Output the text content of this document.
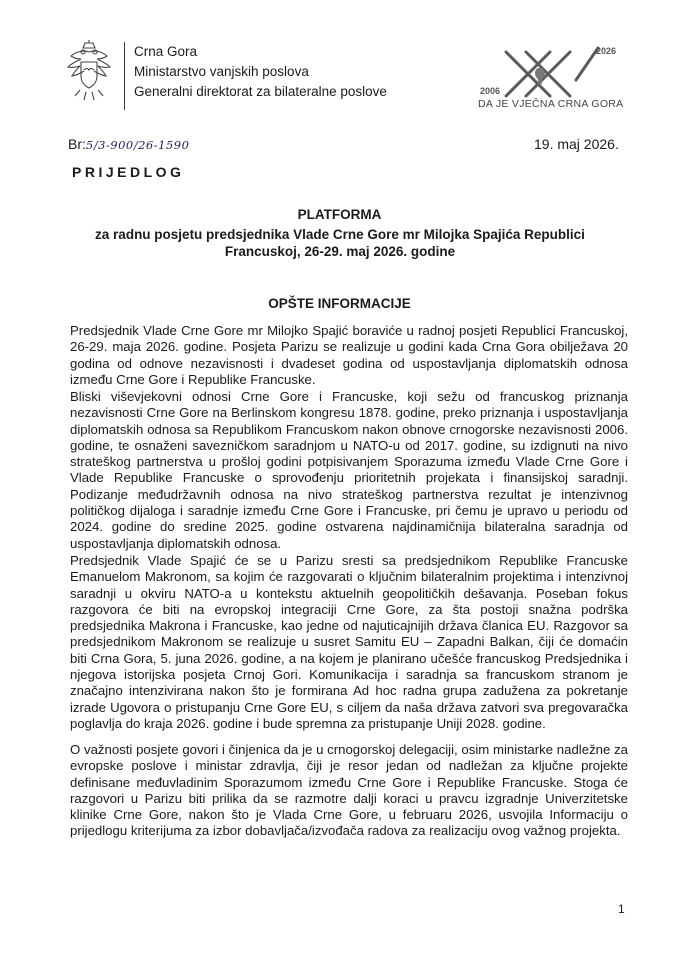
Crna Gora
Ministarstvo vanjskih poslova
Generalni direktorat za bilateralne poslove	2006
2026
DA JE VJEČNA CRNA GORA
Br:5/3-900/26-1590	19. maj 2026.
PRIJEDLOG
PLATFORMA
za radnu posjetu predsjednika Vlade Crne Gore mr Milojka Spajića Republici Francuskoj, 26-29. maj 2026. godine
OPŠTE INFORMACIJE

Predsjednik Vlade Crne Gore mr Milojko Spajić boraviće u radnoj posjeti Republici Francuskoj, 26-29. maja 2026. godine. Posjeta Parizu se realizuje u godini kada Crna Gora obilježava 20 godina od odnove nezavisnosti i dvadeset godina od uspostavljanja diplomatskih odnosa između Crne Gore i Republike Francuske.

Bliski viševjekovni odnosi Crne Gore i Francuske, koji sežu od francuskog priznanja nezavisnosti Crne Gore na Berlinskom kongresu 1878. godine, preko priznanja i uspostavljanja diplomatskih odnosa sa Republikom Francuskom nakon obnove crnogorske nezavisnosti 2006. godine, te osnaženi savezničkom saradnjom u NATO-u od 2017. godine, su izdignuti na nivo strateškog partnerstva u prošloj godini potpisivanjem Sporazuma između Vlade Crne Gore i Vlade Republike Francuske o sprovođenju prioritetnih projekata i finansijskoj saradnji. Podizanje međudržavnih odnosa na nivo strateškog partnerstva rezultat je intenzivnog političkog dijaloga i saradnje između Crne Gore i Francuske, pri čemu je upravo u periodu od 2024. godine do sredine 2025. godine ostvarena najdinamičnija bilateralna saradnja od uspostavljanja diplomatskih odnosa.

Predsjednik Vlade Spajić će se u Parizu sresti sa predsjednikom Republike Francuske Emanuelom Makronom, sa kojim će razgovarati o ključnim bilateralnim projektima i intenzivnoj saradnji u okviru NATO-a u kontekstu aktuelnih geopolitičkih dešavanja. Poseban fokus razgovora će biti na evropskoj integraciji Crne Gore, za šta postoji snažna podrška predsjednika Makrona i Francuske, kao jedne od najuticajnijih država članica EU. Razgovor sa predsjednikom Makronom se realizuje u susret Samitu EU – Zapadni Balkan, čiji će domaćin biti Crna Gora, 5. juna 2026. godine, a na kojem je planirano učešće francuskog Predsjednika i njegova istorijska posjeta Crnoj Gori. Komunikacija i saradnja sa francuskom stranom je značajno intenzivirana nakon što je formirana Ad hoc radna grupa zadužena za pokretanje izrade Ugovora o pristupanju Crne Gore EU, s ciljem da naša država zatvori sva pregovaračka poglavlja do kraja 2026. godine i bude spremna za pristupanje Uniji 2028. godine.

O važnosti posjete govori i činjenica da je u crnogorskoj delegaciji, osim ministarke nadležne za evropske poslove i ministar zdravlja, čiji je resor jedan od nadležan za ključne projekte definisane međuvladinim Sporazumom između Crne Gore i Republike Francuske. Stoga će razgovori u Parizu biti prilika da se razmotre dalji koraci u pravcu izgradnje Univerzitetske klinike Crne Gore, nakon što je Vlada Crne Gore, u februaru 2026, usvojila Informaciju o prijedlogu kriterijuma za izbor dobavljača/izvođača radova za realizaciju ovog važnog projekta.

1
